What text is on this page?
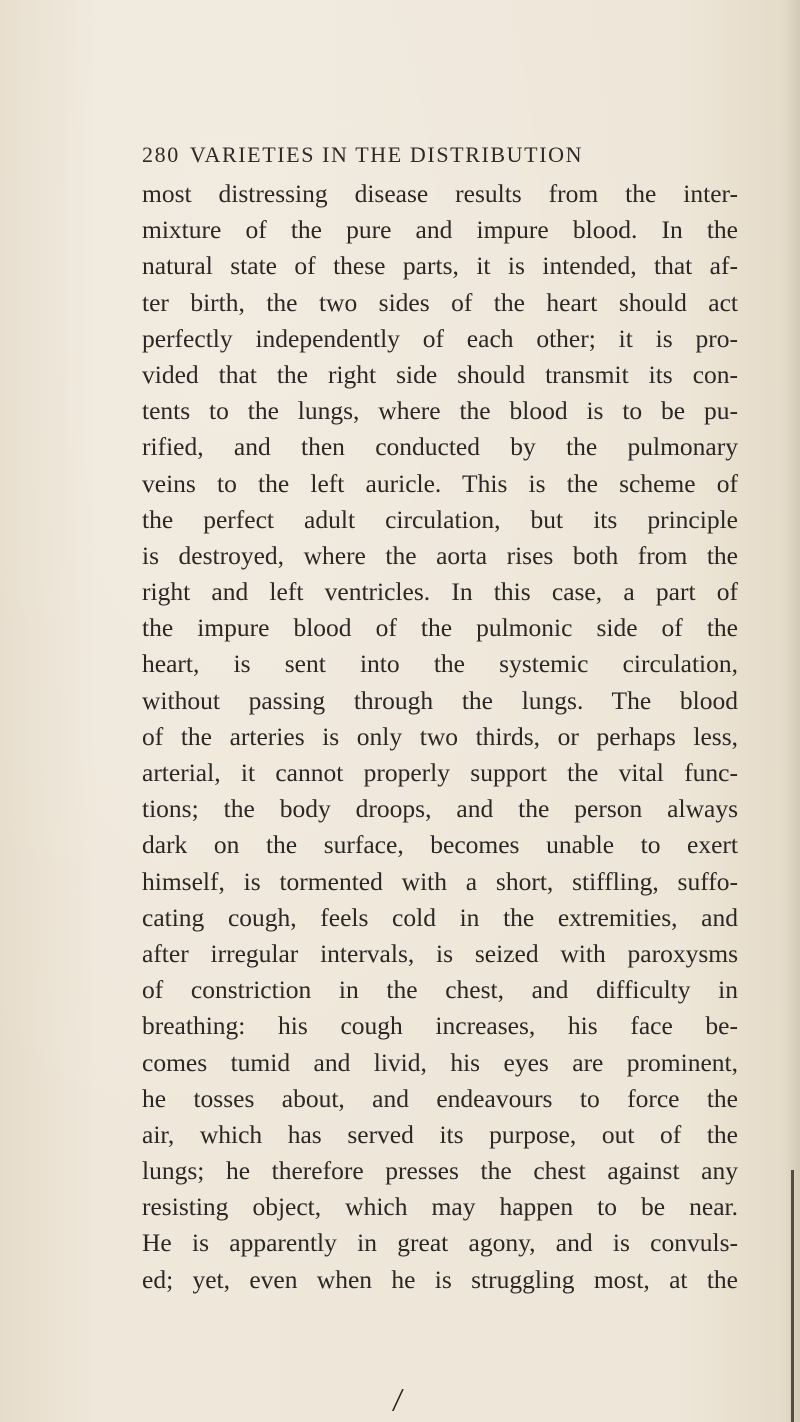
280 VARIETIES IN THE DISTRIBUTION
most distressing disease results from the inter-
mixture of the pure and impure blood. In the
natural state of these parts, it is intended, that af-
ter birth, the two sides of the heart should act
perfectly independently of each other; it is pro-
vided that the right side should transmit its con-
tents to the lungs, where the blood is to be pu-
rified, and then conducted by the pulmonary
veins to the left auricle. This is the scheme of
the perfect adult circulation, but its principle
is destroyed, where the aorta rises both from the
right and left ventricles. In this case, a part of
the impure blood of the pulmonic side of the
heart, is sent into the systemic circulation,
without passing through the lungs. The blood
of the arteries is only two thirds, or perhaps less,
arterial, it cannot properly support the vital func-
tions; the body droops, and the person always
dark on the surface, becomes unable to exert
himself, is tormented with a short, stiffling, suffo-
cating cough, feels cold in the extremities, and
after irregular intervals, is seized with paroxysms
of constriction in the chest, and difficulty in
breathing: his cough increases, his face be-
comes tumid and livid, his eyes are prominent,
he tosses about, and endeavours to force the
air, which has served its purpose, out of the
lungs; he therefore presses the chest against any
resisting object, which may happen to be near.
He is apparently in great agony, and is convuls-
ed; yet, even when he is struggling most, at the
/
